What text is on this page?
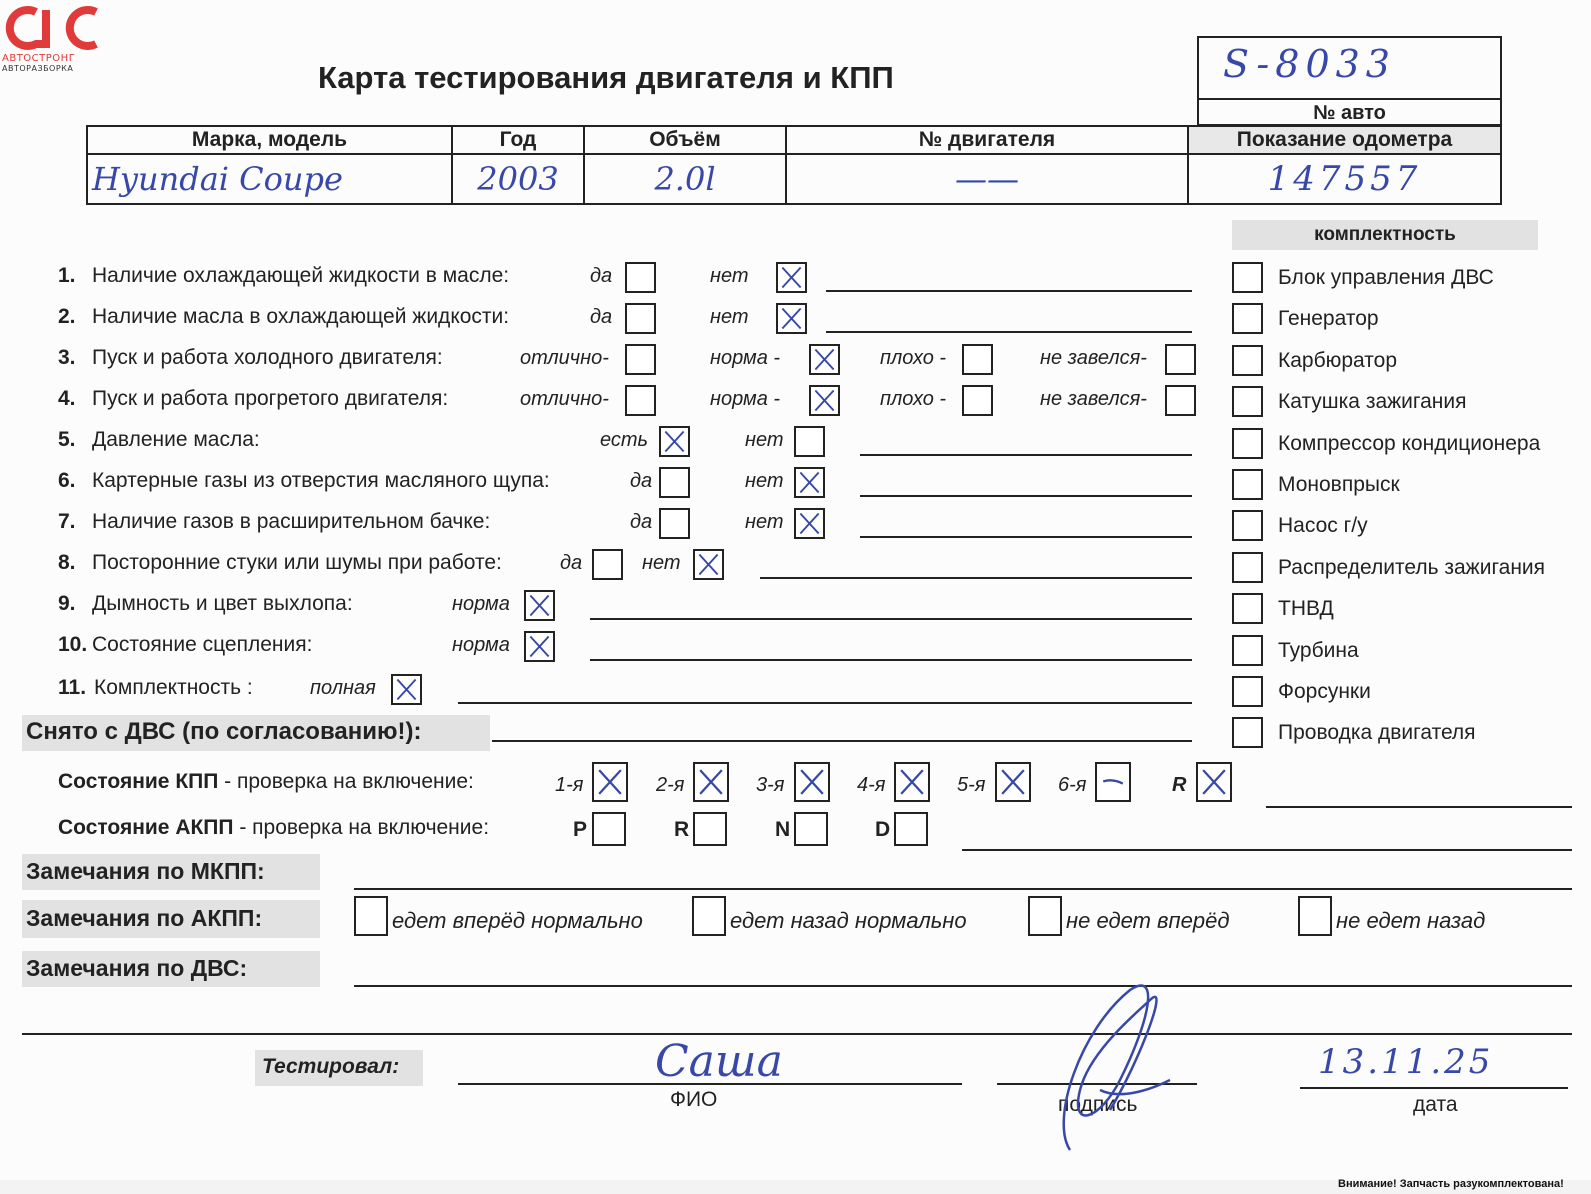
АВТОСТРОНГ
АВТОРАЗБОРКА	Карта тестирования двигателя и КПП	S-8033
№ авто
Марка, модель	Год	Объём	№ двигателя	Показание одометра
Hyundai Coupe	2003	2.0l	——	147557
комплектность
Блок управления ДВС
Генератор
Карбюратор
Катушка зажигания
Компрессор кондиционера
Моновпрыск
Насос г/у
Распределитель зажигания
ТНВД
Турбина
Форсунки
Проводка двигателя
1. Наличие охлаждающей жидкости в масле:	да	нет
2. Наличие масла в охлаждающей жидкости:	да	нет
3. Пуск и работа холодного двигателя:	отлично-	норма -	плохо -	не завелся-
4. Пуск и работа прогретого двигателя:	отлично-	норма -	плохо -	не завелся-
5. Давление масла:	есть	нет
6. Картерные газы из отверстия масляного щупа:	да	нет
7. Наличие газов в расширительном бачке:	да	нет
8. Посторонние стуки или шумы при работе:	да	нет
9. Дымность и цвет выхлопа:	норма
10. Состояние сцепления:	норма
11. Комплектность :	полная
Снято с ДВС (по согласованию!):
Состояние КПП - проверка на включение:	1-я	2-я	3-я	4-я	5-я	6-я	R
Состояние АКПП - проверка на включение:	P	R	N	D
Замечания по МКПП:
Замечания по АКПП:	едет вперёд нормально	едет назад нормально	не едет вперёд	не едет назад
Замечания по ДВС:
Тестировал:	Саша
ФИО	подпись
13.11.25
дата
Внимание! Запчасть разукомплектована!
